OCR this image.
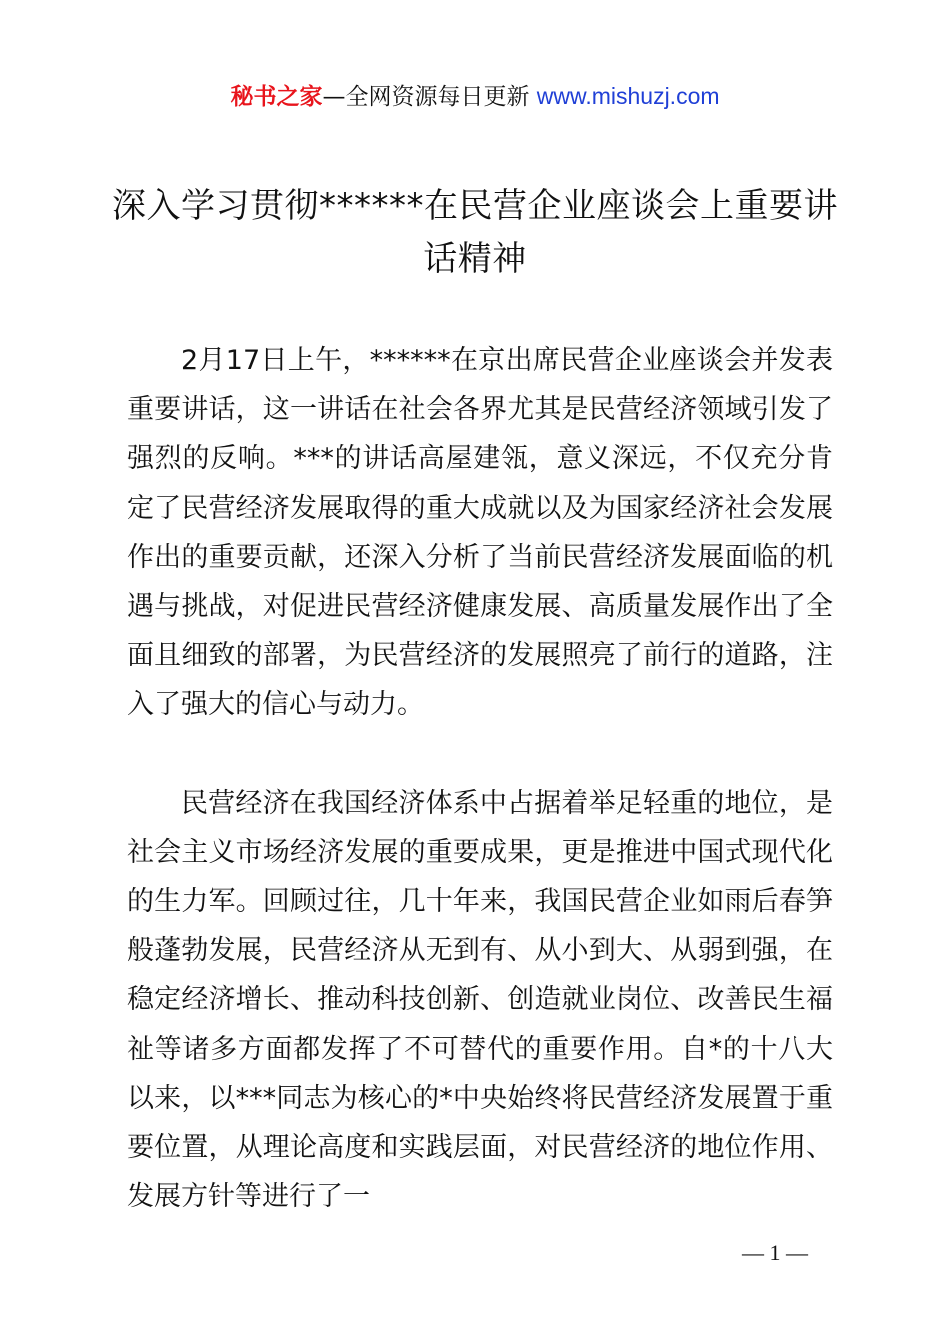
秘书之家—全网资源每日更新 www.mishuzj.com
深入学习贯彻******在民营企业座谈会上重要讲话精神

2月17日上午，******在京出席民营企业座谈会并发表重要讲话，这一讲话在社会各界尤其是民营经济领域引发了强烈的反响。***的讲话高屋建瓴，意义深远，不仅充分肯定了民营经济发展取得的重大成就以及为国家经济社会发展作出的重要贡献，还深入分析了当前民营经济发展面临的机遇与挑战，对促进民营经济健康发展、高质量发展作出了全面且细致的部署，为民营经济的发展照亮了前行的道路，注入了强大的信心与动力。

民营经济在我国经济体系中占据着举足轻重的地位，是社会主义市场经济发展的重要成果，更是推进中国式现代化的生力军。回顾过往，几十年来，我国民营企业如雨后春笋般蓬勃发展，民营经济从无到有、从小到大、从弱到强，在稳定经济增长、推动科技创新、创造就业岗位、改善民生福祉等诸多方面都发挥了不可替代的重要作用。自*的十八大以来，以***同志为核心的*中央始终将民营经济发展置于重要位置，从理论高度和实践层面，对民营经济的地位作用、发展方针等进行了一

— 1 —
